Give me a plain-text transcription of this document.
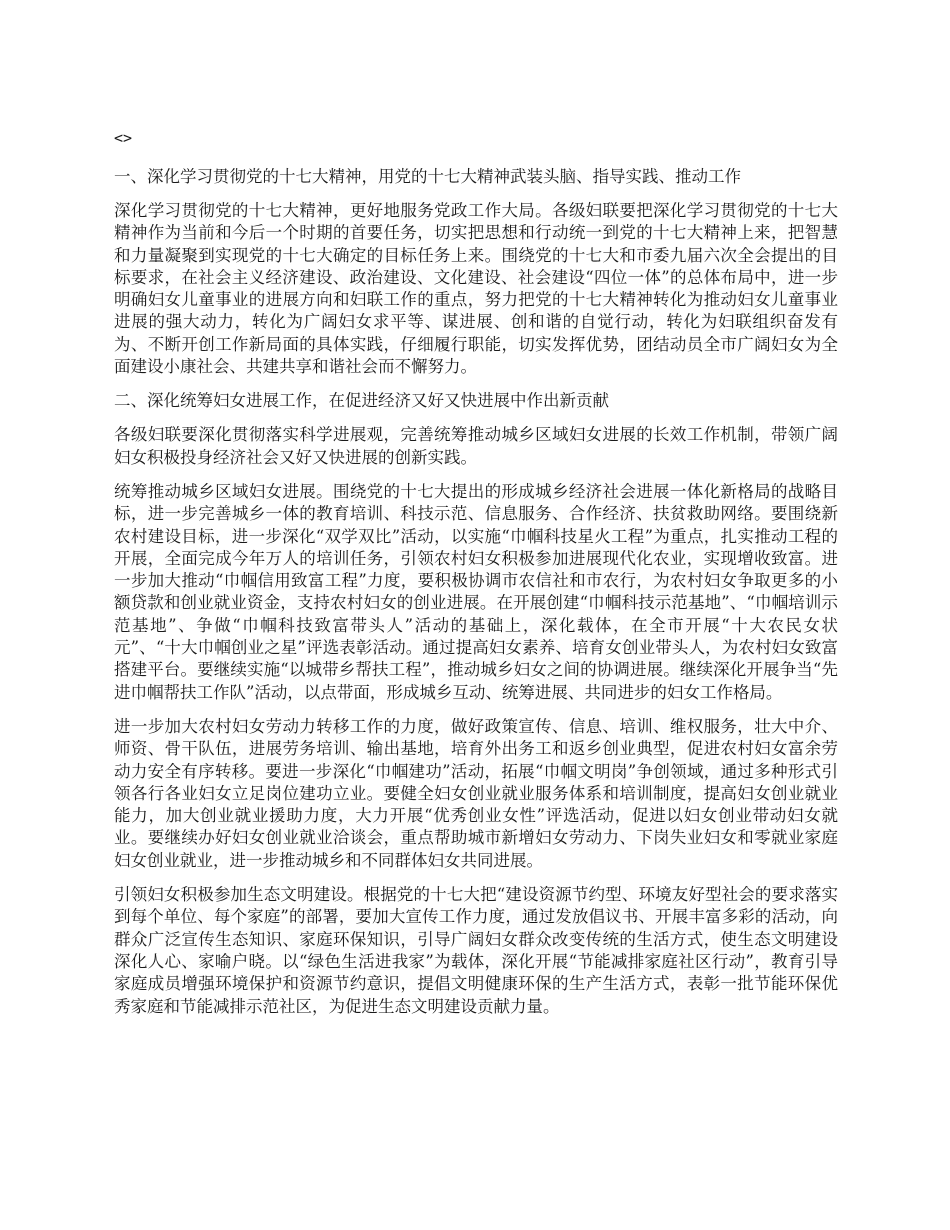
<>

一、深化学习贯彻党的十七大精神，用党的十七大精神武装头脑、指导实践、推动工作

深化学习贯彻党的十七大精神，更好地服务党政工作大局。各级妇联要把深化学习贯彻党的十七大精神作为当前和今后一个时期的首要任务，切实把思想和行动统一到党的十七大精神上来，把智慧和力量凝聚到实现党的十七大确定的目标任务上来。围绕党的十七大和市委九届六次全会提出的目标要求，在社会主义经济建设、政治建设、文化建设、社会建设“四位一体”的总体布局中，进一步明确妇女儿童事业的进展方向和妇联工作的重点，努力把党的十七大精神转化为推动妇女儿童事业进展的强大动力，转化为广阔妇女求平等、谋进展、创和谐的自觉行动，转化为妇联组织奋发有为、不断开创工作新局面的具体实践，仔细履行职能，切实发挥优势，团结动员全市广阔妇女为全面建设小康社会、共建共享和谐社会而不懈努力。

二、深化统筹妇女进展工作，在促进经济又好又快进展中作出新贡献

各级妇联要深化贯彻落实科学进展观，完善统筹推动城乡区域妇女进展的长效工作机制，带领广阔妇女积极投身经济社会又好又快进展的创新实践。

统筹推动城乡区域妇女进展。围绕党的十七大提出的形成城乡经济社会进展一体化新格局的战略目标，进一步完善城乡一体的教育培训、科技示范、信息服务、合作经济、扶贫救助网络。要围绕新农村建设目标，进一步深化“双学双比”活动，以实施“巾帼科技星火工程”为重点，扎实推动工程的开展，全面完成今年万人的培训任务，引领农村妇女积极参加进展现代化农业，实现增收致富。进一步加大推动“巾帼信用致富工程”力度，要积极协调市农信社和市农行，为农村妇女争取更多的小额贷款和创业就业资金，支持农村妇女的创业进展。在开展创建“巾帼科技示范基地”、“巾帼培训示范基地”、争做“巾帼科技致富带头人”活动的基础上，深化载体，在全市开展“十大农民女状元”、“十大巾帼创业之星”评选表彰活动。通过提高妇女素养、培育女创业带头人，为农村妇女致富搭建平台。要继续实施“以城带乡帮扶工程”，推动城乡妇女之间的协调进展。继续深化开展争当“先进巾帼帮扶工作队”活动，以点带面，形成城乡互动、统筹进展、共同进步的妇女工作格局。

进一步加大农村妇女劳动力转移工作的力度，做好政策宣传、信息、培训、维权服务，壮大中介、师资、骨干队伍，进展劳务培训、输出基地，培育外出务工和返乡创业典型，促进农村妇女富余劳动力安全有序转移。要进一步深化“巾帼建功”活动，拓展“巾帼文明岗”争创领域，通过多种形式引领各行各业妇女立足岗位建功立业。要健全妇女创业就业服务体系和培训制度，提高妇女创业就业能力，加大创业就业援助力度，大力开展“优秀创业女性”评选活动，促进以妇女创业带动妇女就业。要继续办好妇女创业就业洽谈会，重点帮助城市新增妇女劳动力、下岗失业妇女和零就业家庭妇女创业就业，进一步推动城乡和不同群体妇女共同进展。

引领妇女积极参加生态文明建设。根据党的十七大把“建设资源节约型、环境友好型社会的要求落实到每个单位、每个家庭”的部署，要加大宣传工作力度，通过发放倡议书、开展丰富多彩的活动，向群众广泛宣传生态知识、家庭环保知识，引导广阔妇女群众改变传统的生活方式，使生态文明建设深化人心、家喻户晓。以“绿色生活进我家”为载体，深化开展“节能减排家庭社区行动”，教育引导家庭成员增强环境保护和资源节约意识，提倡文明健康环保的生产生活方式，表彰一批节能环保优秀家庭和节能减排示范社区，为促进生态文明建设贡献力量。
